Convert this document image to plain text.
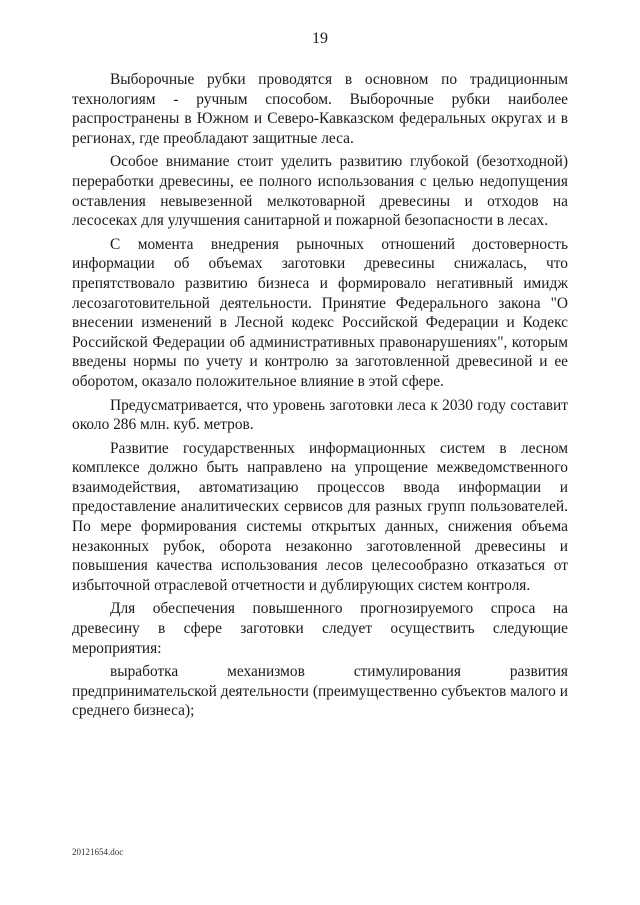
19

Выборочные рубки проводятся в основном по традиционным технологиям - ручным способом. Выборочные рубки наиболее распространены в Южном и Северо-Кавказском федеральных округах и в регионах, где преобладают защитные леса.

Особое внимание стоит уделить развитию глубокой (безотходной) переработки древесины, ее полного использования с целью недопущения оставления невывезенной мелкотоварной древесины и отходов на лесосеках для улучшения санитарной и пожарной безопасности в лесах.

С момента внедрения рыночных отношений достоверность информации об объемах заготовки древесины снижалась, что препятствовало развитию бизнеса и формировало негативный имидж лесозаготовительной деятельности. Принятие Федерального закона "О внесении изменений в Лесной кодекс Российской Федерации и Кодекс Российской Федерации об административных правонарушениях", которым введены нормы по учету и контролю за заготовленной древесиной и ее оборотом, оказало положительное влияние в этой сфере.

Предусматривается, что уровень заготовки леса к 2030 году составит около 286 млн. куб. метров.

Развитие государственных информационных систем в лесном комплексе должно быть направлено на упрощение межведомственного взаимодействия, автоматизацию процессов ввода информации и предоставление аналитических сервисов для разных групп пользователей. По мере формирования системы открытых данных, снижения объема незаконных рубок, оборота незаконно заготовленной древесины и повышения качества использования лесов целесообразно отказаться от избыточной отраслевой отчетности и дублирующих систем контроля.

Для обеспечения повышенного прогнозируемого спроса на древесину в сфере заготовки следует осуществить следующие мероприятия:

выработка механизмов стимулирования развития предпринимательской деятельности (преимущественно субъектов малого и среднего бизнеса);

20121654.doc
